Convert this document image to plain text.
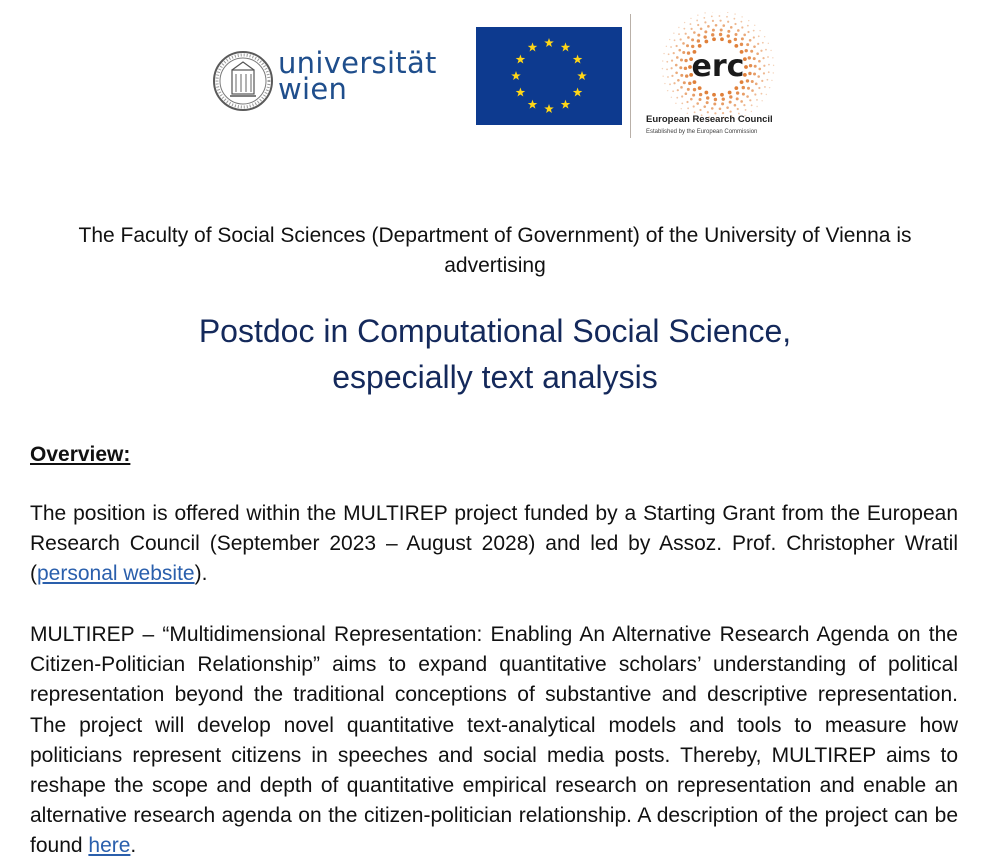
universität
wien
erc
European Research Council
Established by the European Commission

The Faculty of Social Sciences (Department of Government) of the University of Vienna is advertising

Postdoc in Computational Social Science,
especially text analysis
Overview:

The position is offered within the MULTIREP project funded by a Starting Grant from the European Research Council (September 2023 – August 2028) and led by Assoz. Prof. Christopher Wratil (personal website).

MULTIREP – “Multidimensional Representation: Enabling An Alternative Research Agenda on the Citizen-Politician Relationship” aims to expand quantitative scholars’ understanding of political representation beyond the traditional conceptions of substantive and descriptive representation. The project will develop novel quantitative text-analytical models and tools to measure how politicians represent citizens in speeches and social media posts. Thereby, MULTIREP aims to reshape the scope and depth of quantitative empirical research on representation and enable an alternative research agenda on the citizen-politician relationship. A description of the project can be found here.
